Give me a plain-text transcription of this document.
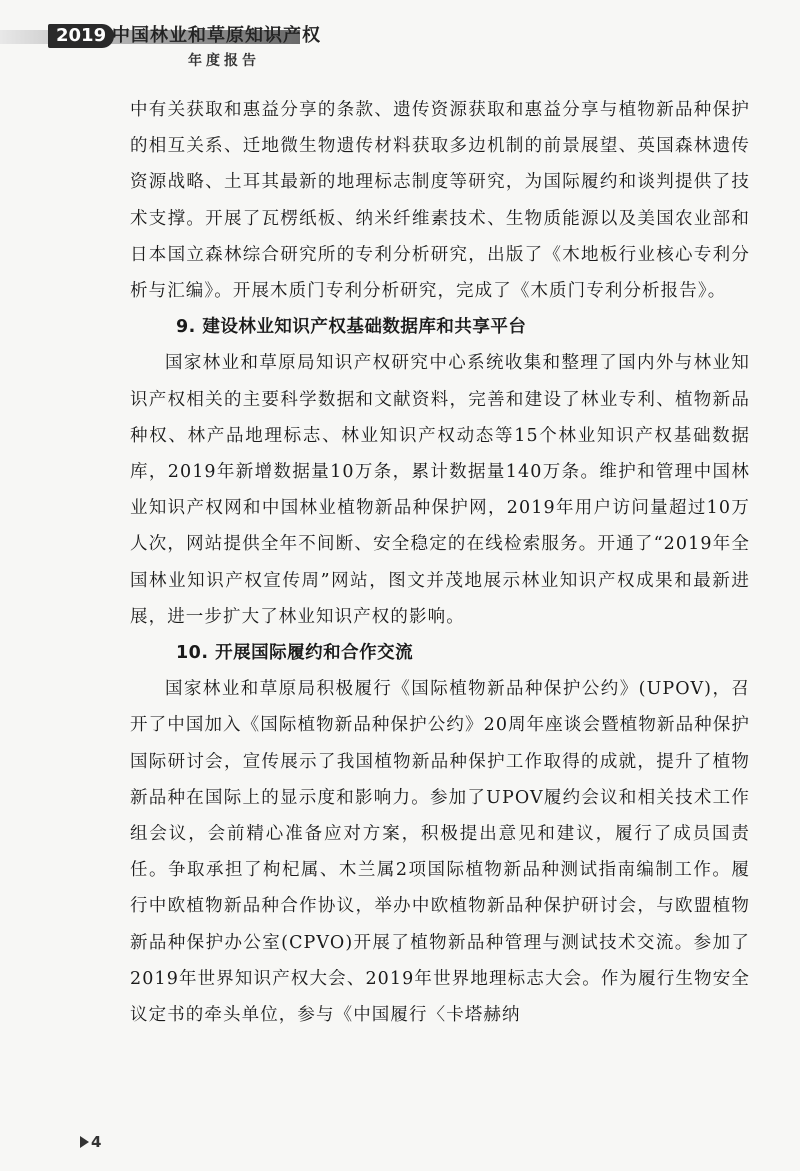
2019 中国林业和草原知识产权
年度报告

中有关获取和惠益分享的条款、遗传资源获取和惠益分享与植物新品种保护的相互关系、迁地微生物遗传材料获取多边机制的前景展望、英国森林遗传资源战略、土耳其最新的地理标志制度等研究，为国际履约和谈判提供了技术支撑。开展了瓦楞纸板、纳米纤维素技术、生物质能源以及美国农业部和日本国立森林综合研究所的专利分析研究，出版了《木地板行业核心专利分析与汇编》。开展木质门专利分析研究，完成了《木质门专利分析报告》。

9. 建设林业知识产权基础数据库和共享平台

国家林业和草原局知识产权研究中心系统收集和整理了国内外与林业知识产权相关的主要科学数据和文献资料，完善和建设了林业专利、植物新品种权、林产品地理标志、林业知识产权动态等15个林业知识产权基础数据库，2019年新增数据量10万条，累计数据量140万条。维护和管理中国林业知识产权网和中国林业植物新品种保护网，2019年用户访问量超过10万人次，网站提供全年不间断、安全稳定的在线检索服务。开通了“2019年全国林业知识产权宣传周”网站，图文并茂地展示林业知识产权成果和最新进展，进一步扩大了林业知识产权的影响。

10. 开展国际履约和合作交流

国家林业和草原局积极履行《国际植物新品种保护公约》(UPOV)，召开了中国加入《国际植物新品种保护公约》20周年座谈会暨植物新品种保护国际研讨会，宣传展示了我国植物新品种保护工作取得的成就，提升了植物新品种在国际上的显示度和影响力。参加了UPOV履约会议和相关技术工作组会议，会前精心准备应对方案，积极提出意见和建议，履行了成员国责任。争取承担了枸杞属、木兰属2项国际植物新品种测试指南编制工作。履行中欧植物新品种合作协议，举办中欧植物新品种保护研讨会，与欧盟植物新品种保护办公室(CPVO)开展了植物新品种管理与测试技术交流。参加了2019年世界知识产权大会、2019年世界地理标志大会。作为履行生物安全议定书的牵头单位，参与《中国履行〈卡塔赫纳

4
